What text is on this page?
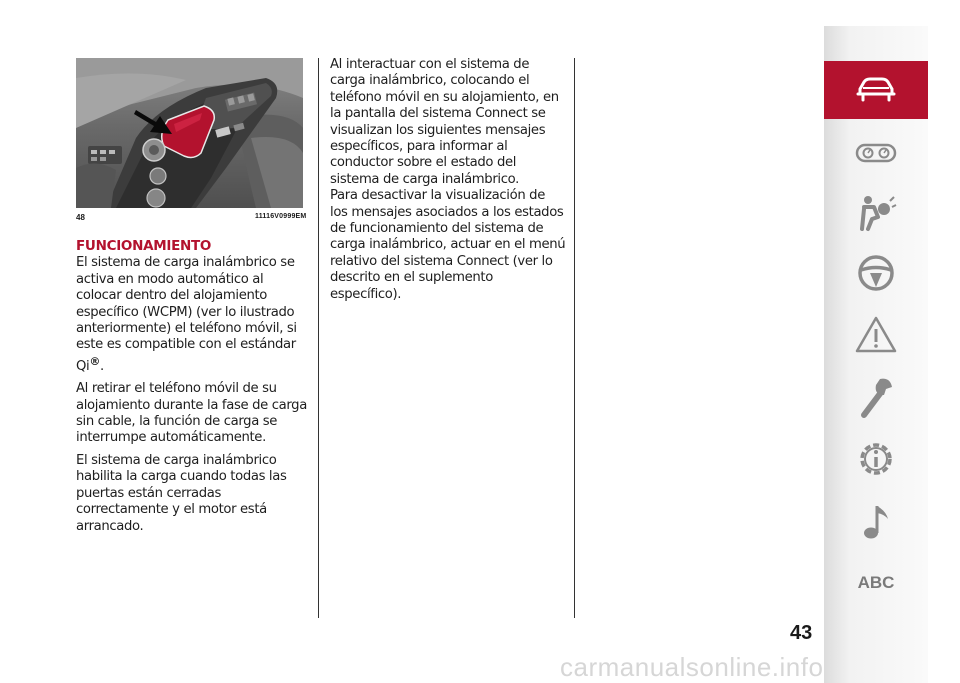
48	11116V0999EM
FUNCIONAMIENTO

El sistema de carga inalámbrico se activa en modo automático al colocar dentro del alojamiento específico (WCPM) (ver lo ilustrado anteriormente) el teléfono móvil, si este es compatible con el estándar Qi®.

Al retirar el teléfono móvil de su alojamiento durante la fase de carga sin cable, la función de carga se interrumpe automáticamente.

El sistema de carga inalámbrico habilita la carga cuando todas las puertas están cerradas correctamente y el motor está arrancado.

Al interactuar con el sistema de carga inalámbrico, colocando el teléfono móvil en su alojamiento, en la pantalla del sistema Connect se visualizan los siguientes mensajes específicos, para informar al conductor sobre el estado del sistema de carga inalámbrico.

Para desactivar la visualización de los mensajes asociados a los estados de funcionamiento del sistema de carga inalámbrico, actuar en el menú relativo del sistema Connect (ver lo descrito en el suplemento específico).

ABC
43
carmanualsonline.info
